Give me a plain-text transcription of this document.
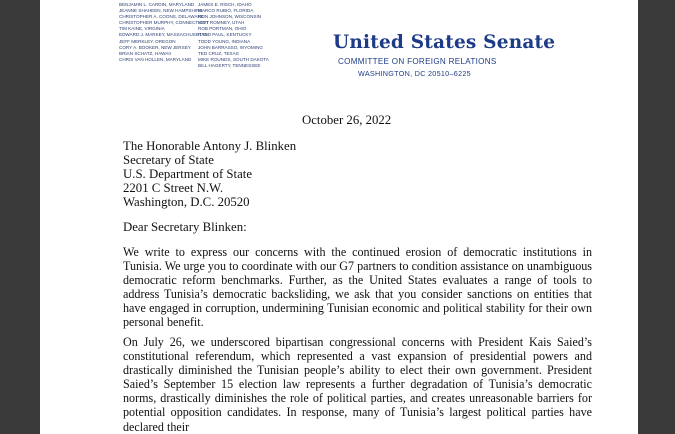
BENJAMIN L. CARDIN, MARYLAND
JEANNE SHAHEEN, NEW HAMPSHIRE
CHRISTOPHER A. COONS, DELAWARE
CHRISTOPHER MURPHY, CONNECTICUT
TIM KAINE, VIRGINIA
EDWARD J. MARKEY, MASSACHUSETTS
JEFF MERKLEY, OREGON
CORY A. BOOKER, NEW JERSEY
BRIAN SCHATZ, HAWAII
CHRIS VAN HOLLEN, MARYLAND
JAMES E. RISCH, IDAHO
MARCO RUBIO, FLORIDA
RON JOHNSON, WISCONSIN
MITT ROMNEY, UTAH
ROB PORTMAN, OHIO
RAND PAUL, KENTUCKY
TODD YOUNG, INDIANA
JOHN BARRASSO, WYOMING
TED CRUZ, TEXAS
MIKE ROUNDS, SOUTH DAKOTA
BILL HAGERTY, TENNESSEE
United States Senate
COMMITTEE ON FOREIGN RELATIONS
WASHINGTON, DC 20510–6225
October 26, 2022
The Honorable Antony J. Blinken
Secretary of State
U.S. Department of State
2201 C Street N.W.
Washington, D.C. 20520
Dear Secretary Blinken:
We write to express our concerns with the continued erosion of democratic institutions in Tunisia. We urge you to coordinate with our G7 partners to condition assistance on unambiguous democratic reform benchmarks. Further, as the United States evaluates a range of tools to address Tunisia’s democratic backsliding, we ask that you consider sanctions on entities that have engaged in corruption, undermining Tunisian economic and political stability for their own personal benefit.
On July 26, we underscored bipartisan congressional concerns with President Kais Saied’s constitutional referendum, which represented a vast expansion of presidential powers and drastically diminished the Tunisian people’s ability to elect their own government. President Saied’s September 15 election law represents a further degradation of Tunisia’s democratic norms, drastically diminishes the role of political parties, and creates unreasonable barriers for potential opposition candidates. In response, many of Tunisia’s largest political parties have declared their
